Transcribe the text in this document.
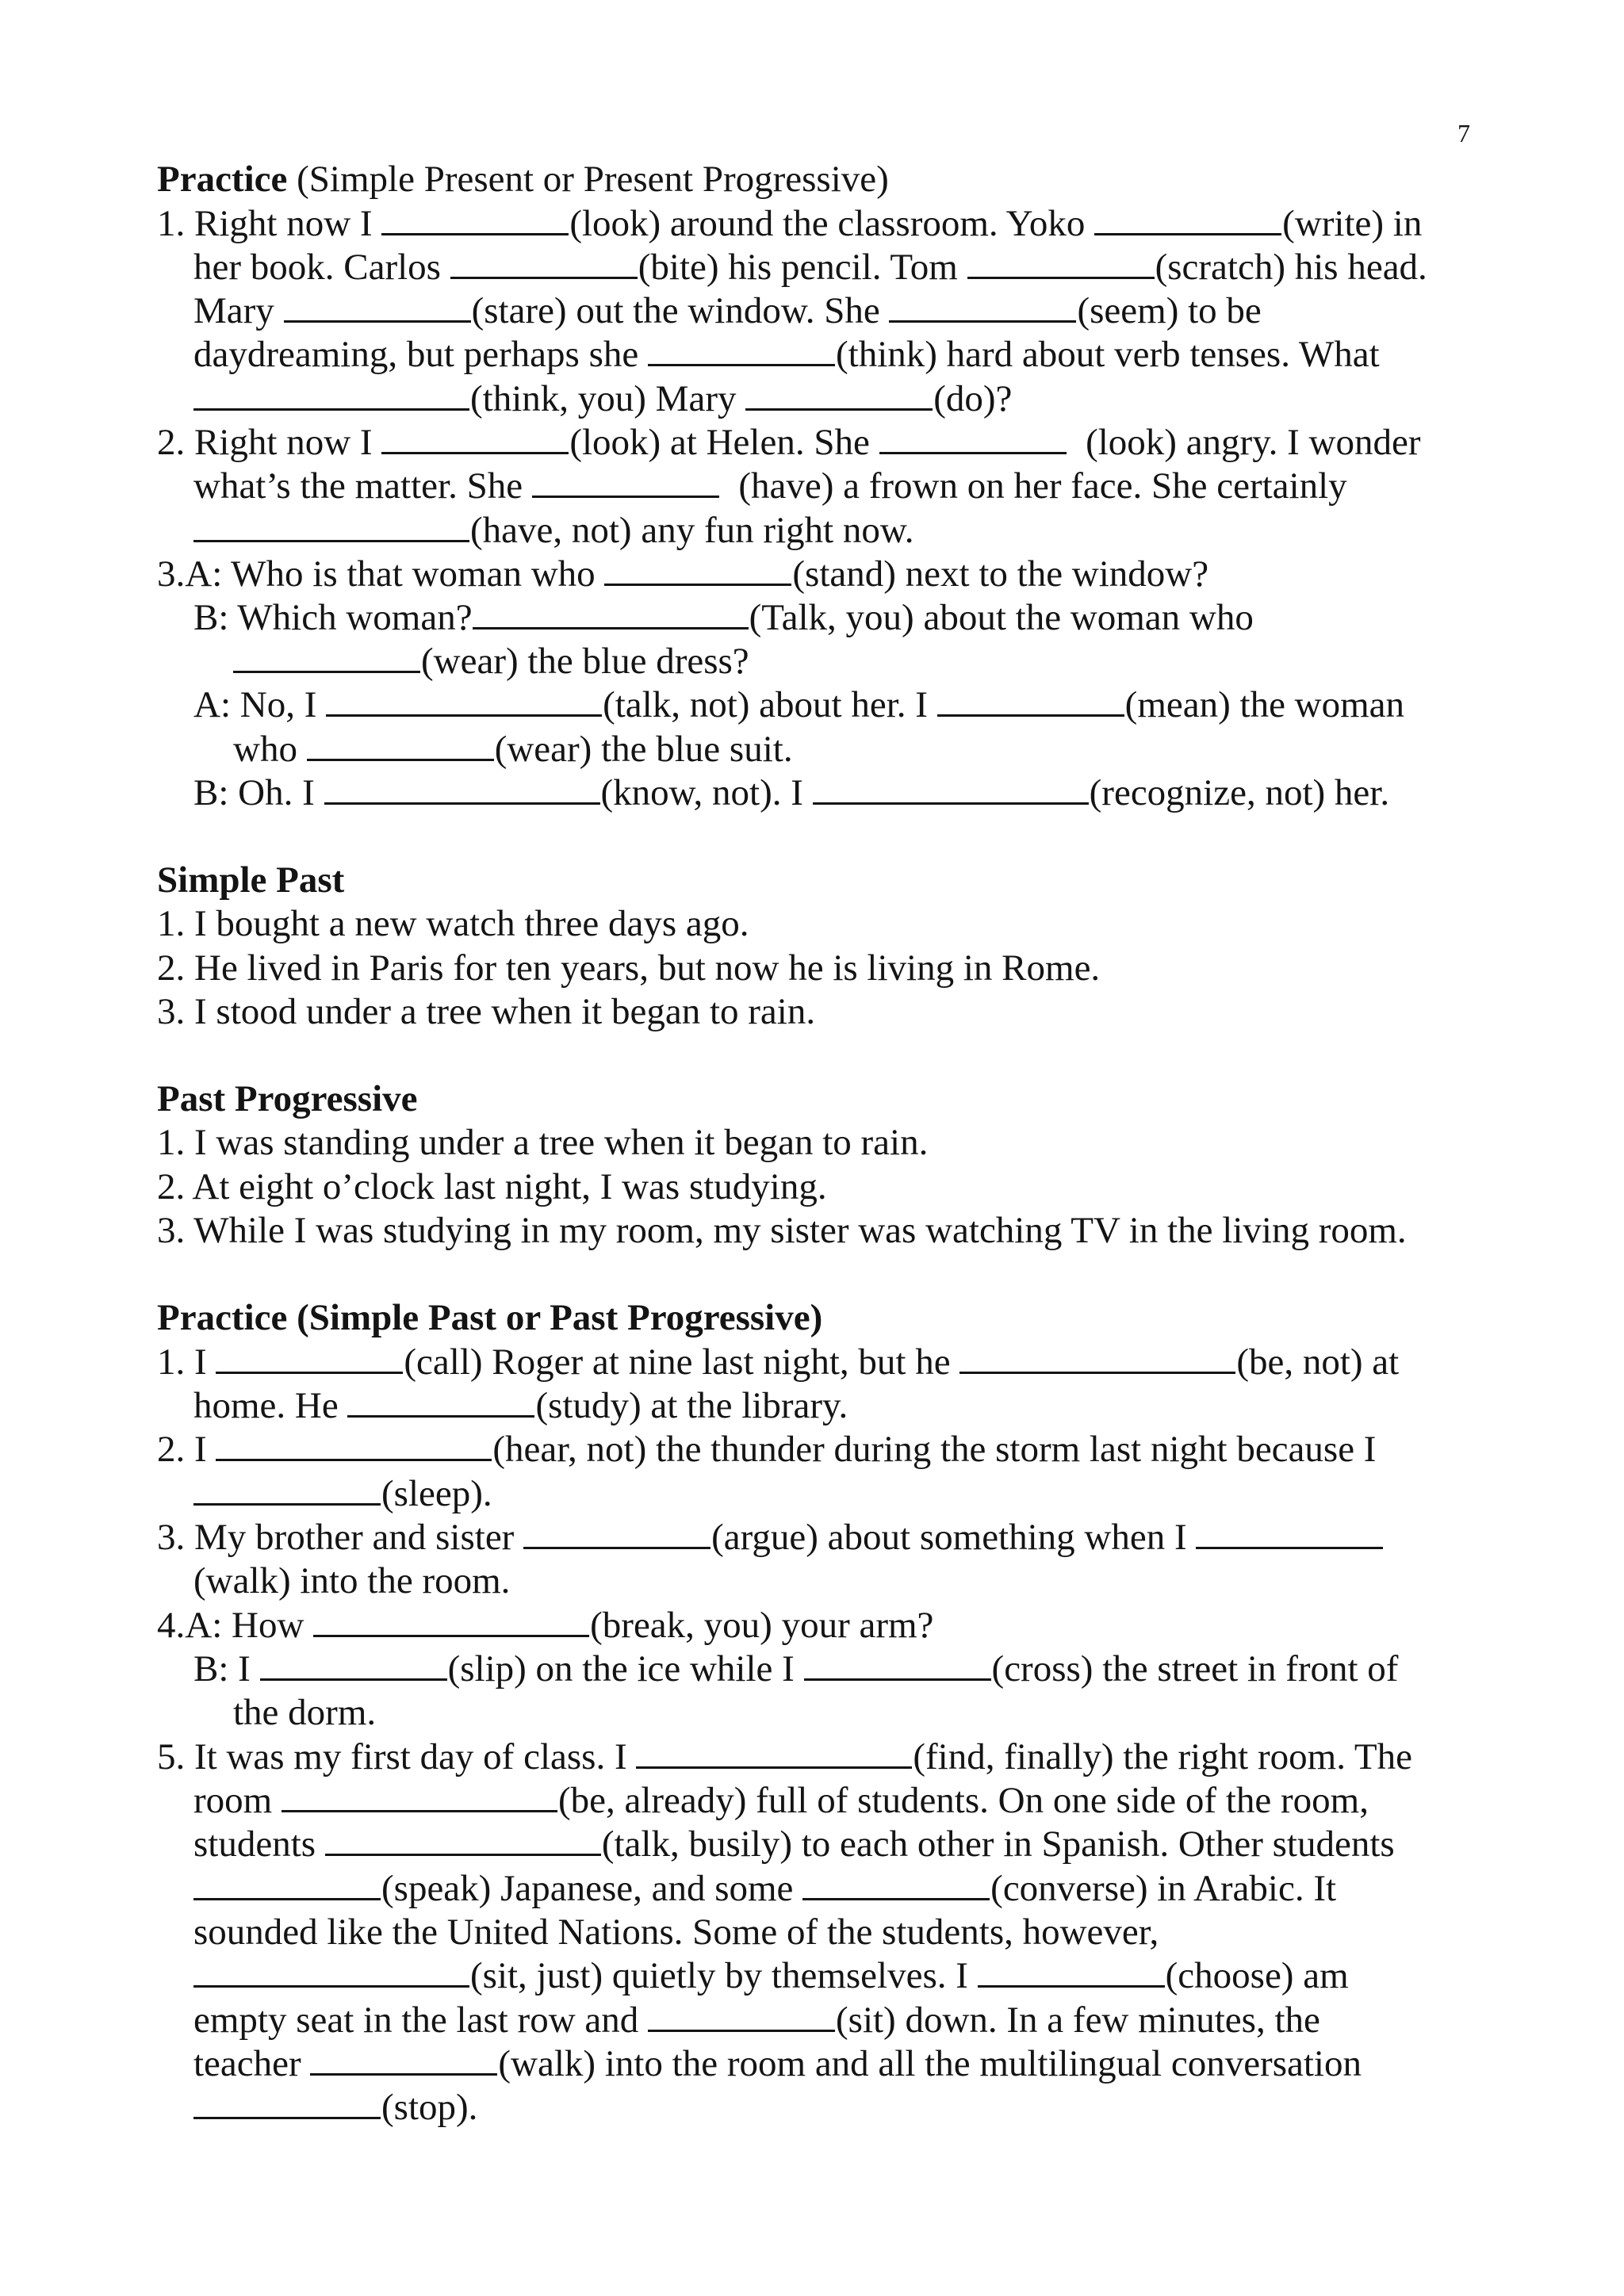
7
Practice (Simple Present or Present Progressive)
1. Right now I	(look) around the classroom. Yoko	(write) in
her book. Carlos	(bite) his pencil. Tom	(scratch) his head.
Mary	(stare) out the window. She	(seem) to be
daydreaming, but perhaps she	(think) hard about verb tenses. What
(think, you) Mary	(do)?
2. Right now I	(look) at Helen. She	(look) angry. I wonder
what’s the matter. She	(have) a frown on her face. She certainly
(have, not) any fun right now.
3.A: Who is that woman who	(stand) next to the window?
B: Which woman?	(Talk, you) about the woman who
(wear) the blue dress?
A: No, I	(talk, not) about her. I	(mean) the woman
who	(wear) the blue suit.
B: Oh. I	(know, not). I	(recognize, not) her.
Simple Past
1. I bought a new watch three days ago.
2. He lived in Paris for ten years, but now he is living in Rome.
3. I stood under a tree when it began to rain.
Past Progressive
1. I was standing under a tree when it began to rain.
2. At eight o’clock last night, I was studying.
3. While I was studying in my room, my sister was watching TV in the living room.
Practice (Simple Past or Past Progressive)
1. I	(call) Roger at nine last night, but he	(be, not) at
home. He	(study) at the library.
2. I	(hear, not) the thunder during the storm last night because I
(sleep).
3. My brother and sister	(argue) about something when I
(walk) into the room.
4.A: How	(break, you) your arm?
B: I	(slip) on the ice while I	(cross) the street in front of
the dorm.
5. It was my first day of class. I	(find, finally) the right room. The
room	(be, already) full of students. On one side of the room,
students	(talk, busily) to each other in Spanish. Other students
(speak) Japanese, and some	(converse) in Arabic. It
sounded like the United Nations. Some of the students, however,
(sit, just) quietly by themselves. I	(choose) am
empty seat in the last row and	(sit) down. In a few minutes, the
teacher	(walk) into the room and all the multilingual conversation
(stop).
